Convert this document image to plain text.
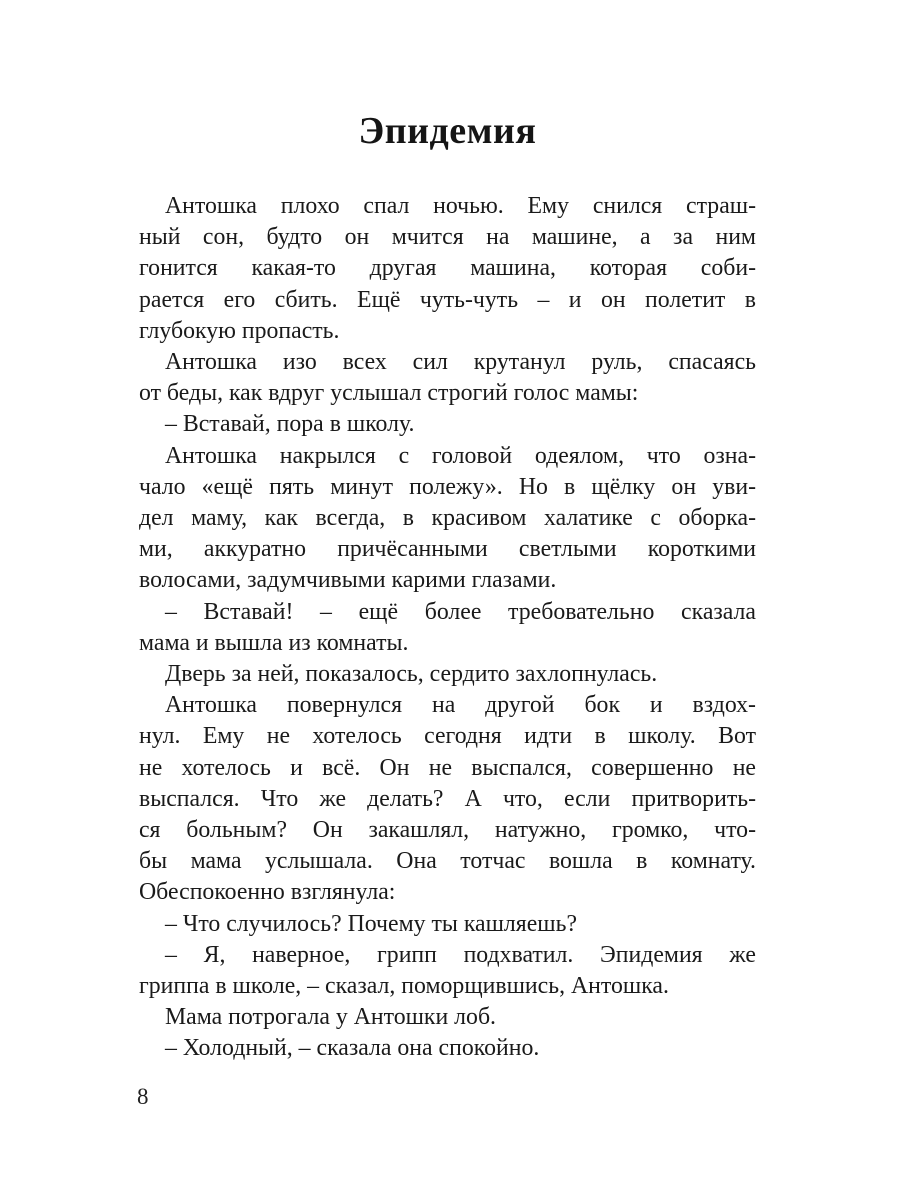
Эпидемия
Антошка плохо спал ночью. Ему снился страш-
ный сон, будто он мчится на машине, а за ним
гонится какая-то другая машина, которая соби-
рается его сбить. Ещё чуть-чуть – и он полетит в
глубокую пропасть.
Антошка изо всех сил крутанул руль, спасаясь
от беды, как вдруг услышал строгий голос мамы:
– Вставай, пора в школу.
Антошка накрылся с головой одеялом, что озна-
чало «ещё пять минут полежу». Но в щёлку он уви-
дел маму, как всегда, в красивом халатике с оборка-
ми, аккуратно причёсанными светлыми короткими
волосами, задумчивыми карими глазами.
– Вставай! – ещё более требовательно сказала
мама и вышла из комнаты.
Дверь за ней, показалось, сердито захлопнулась.
Антошка повернулся на другой бок и вздох-
нул. Ему не хотелось сегодня идти в школу. Вот
не хотелось и всё. Он не выспался, совершенно не
выспался. Что же делать? А что, если притворить-
ся больным? Он закашлял, натужно, громко, что-
бы мама услышала. Она тотчас вошла в комнату.
Обеспокоенно взглянула:
– Что случилось? Почему ты кашляешь?
– Я, наверное, грипп подхватил. Эпидемия же
гриппа в школе, – сказал, поморщившись, Антошка.
Мама потрогала у Антошки лоб.
– Холодный, – сказала она спокойно.
8
